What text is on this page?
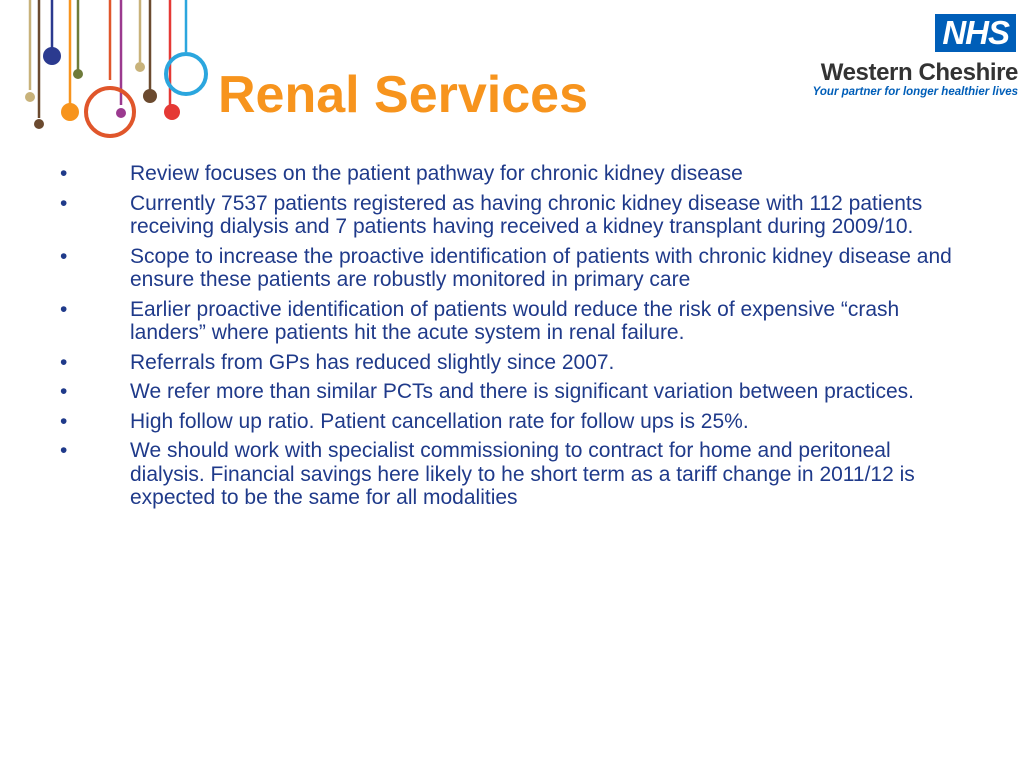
Renal Services
NHS
Western Cheshire
Your partner for longer healthier lives
•	Review focuses on the patient pathway for chronic kidney disease
•	Currently 7537 patients registered as having chronic kidney disease with 112 patients receiving dialysis and 7 patients having received a kidney transplant during 2009/10.
•	Scope to increase the proactive identification of patients with chronic kidney disease and ensure these patients are robustly monitored in primary care
•	Earlier proactive identification of patients would reduce the risk of expensive “crash landers” where patients hit the acute system in renal failure.
•	Referrals from GPs has reduced slightly since 2007.
•	We refer more than similar PCTs and there is significant variation between practices.
•	High follow up ratio. Patient cancellation rate for follow ups is 25%.
•	We should work with specialist commissioning to contract for home and peritoneal dialysis. Financial savings here likely to he short term as a tariff change in 2011/12 is expected to be the same for all modalities
